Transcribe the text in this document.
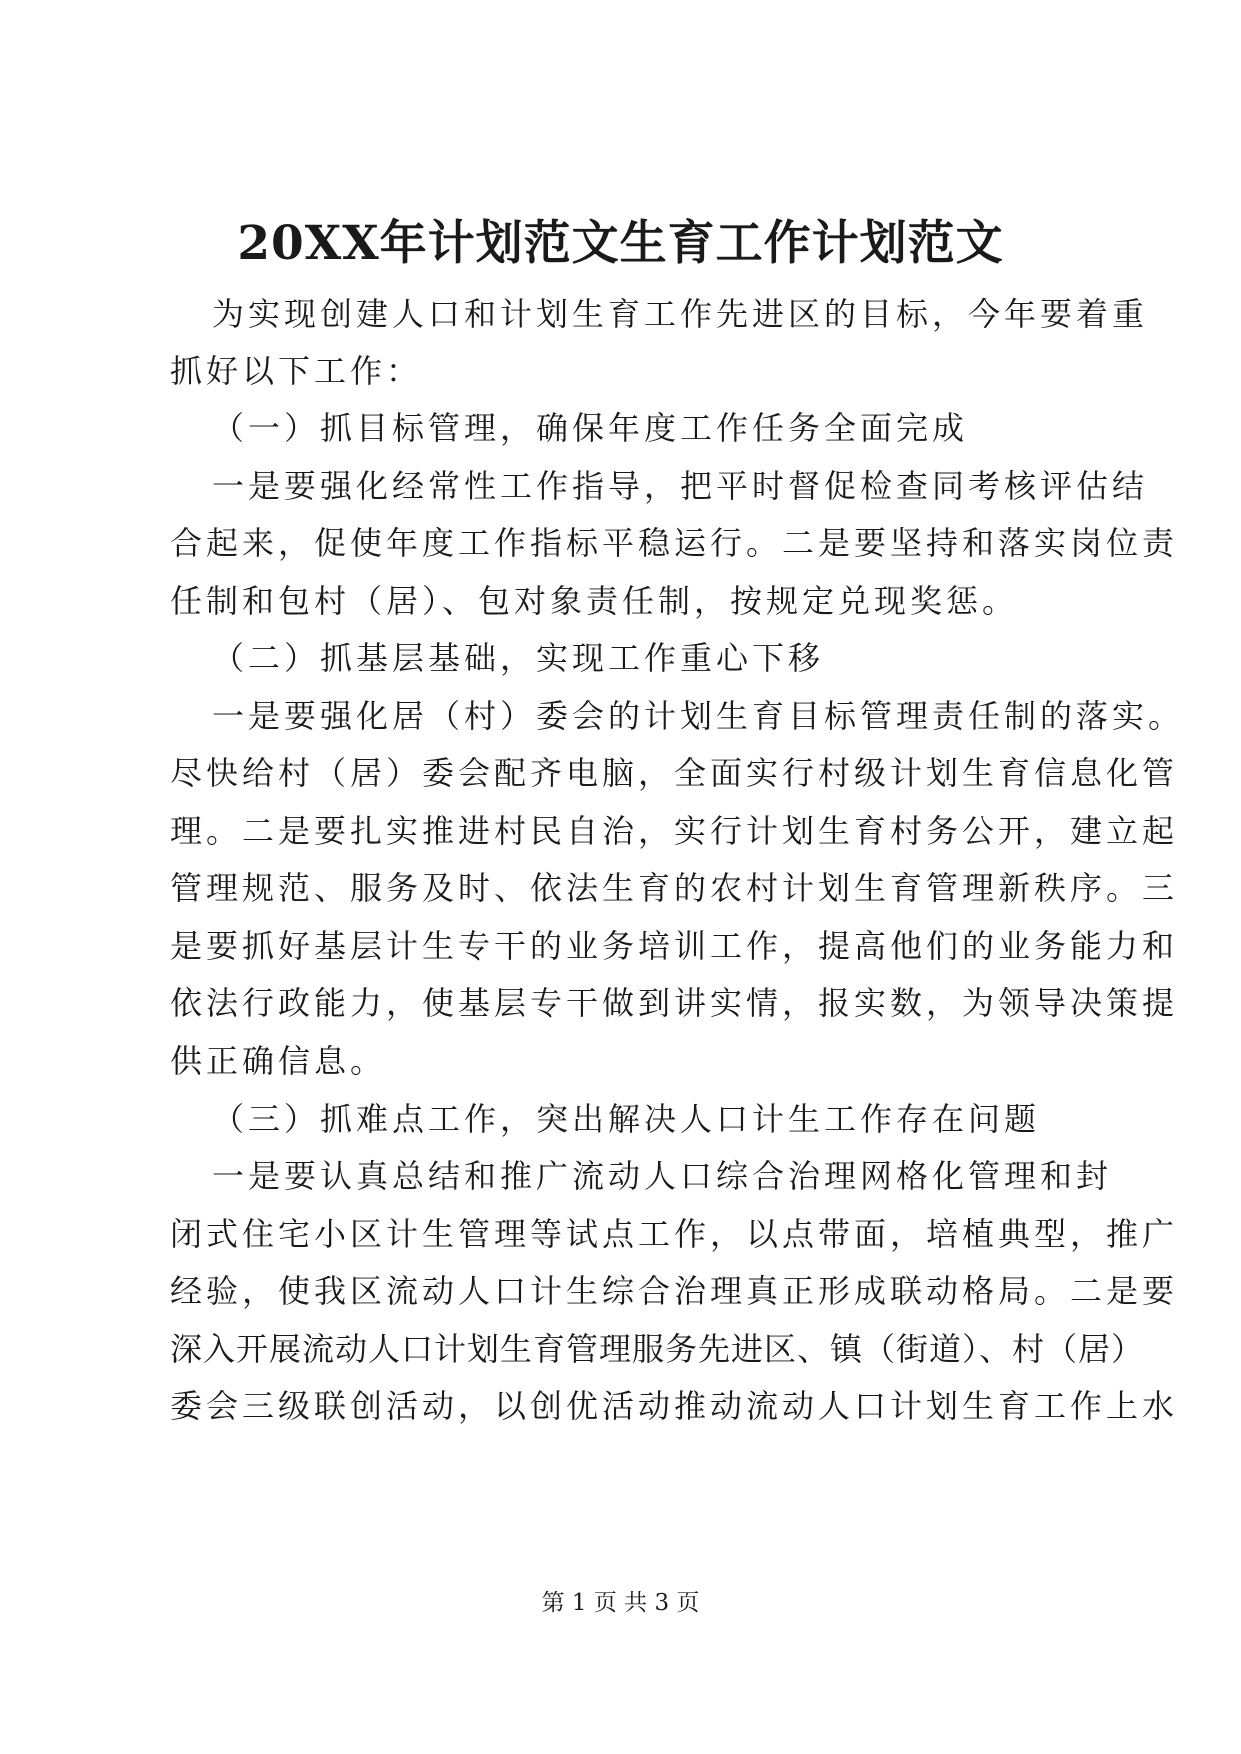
20XX年计划范文生育工作计划范文
为实现创建人口和计划生育工作先进区的目标，今年要着重
抓好以下工作：
（一）抓目标管理，确保年度工作任务全面完成
一是要强化经常性工作指导，把平时督促检查同考核评估结
合起来，促使年度工作指标平稳运行。二是要坚持和落实岗位责
任制和包村（居）、包对象责任制，按规定兑现奖惩。
（二）抓基层基础，实现工作重心下移
一是要强化居（村）委会的计划生育目标管理责任制的落实。
尽快给村（居）委会配齐电脑，全面实行村级计划生育信息化管
理。二是要扎实推进村民自治，实行计划生育村务公开，建立起
管理规范、服务及时、依法生育的农村计划生育管理新秩序。三
是要抓好基层计生专干的业务培训工作，提高他们的业务能力和
依法行政能力，使基层专干做到讲实情，报实数，为领导决策提
供正确信息。
（三）抓难点工作，突出解决人口计生工作存在问题
一是要认真总结和推广流动人口综合治理网格化管理和封
闭式住宅小区计生管理等试点工作，以点带面，培植典型，推广
经验，使我区流动人口计生综合治理真正形成联动格局。二是要
深入开展流动人口计划生育管理服务先进区、镇（街道）、村（居）
委会三级联创活动，以创优活动推动流动人口计划生育工作上水
第 1 页 共 3 页
